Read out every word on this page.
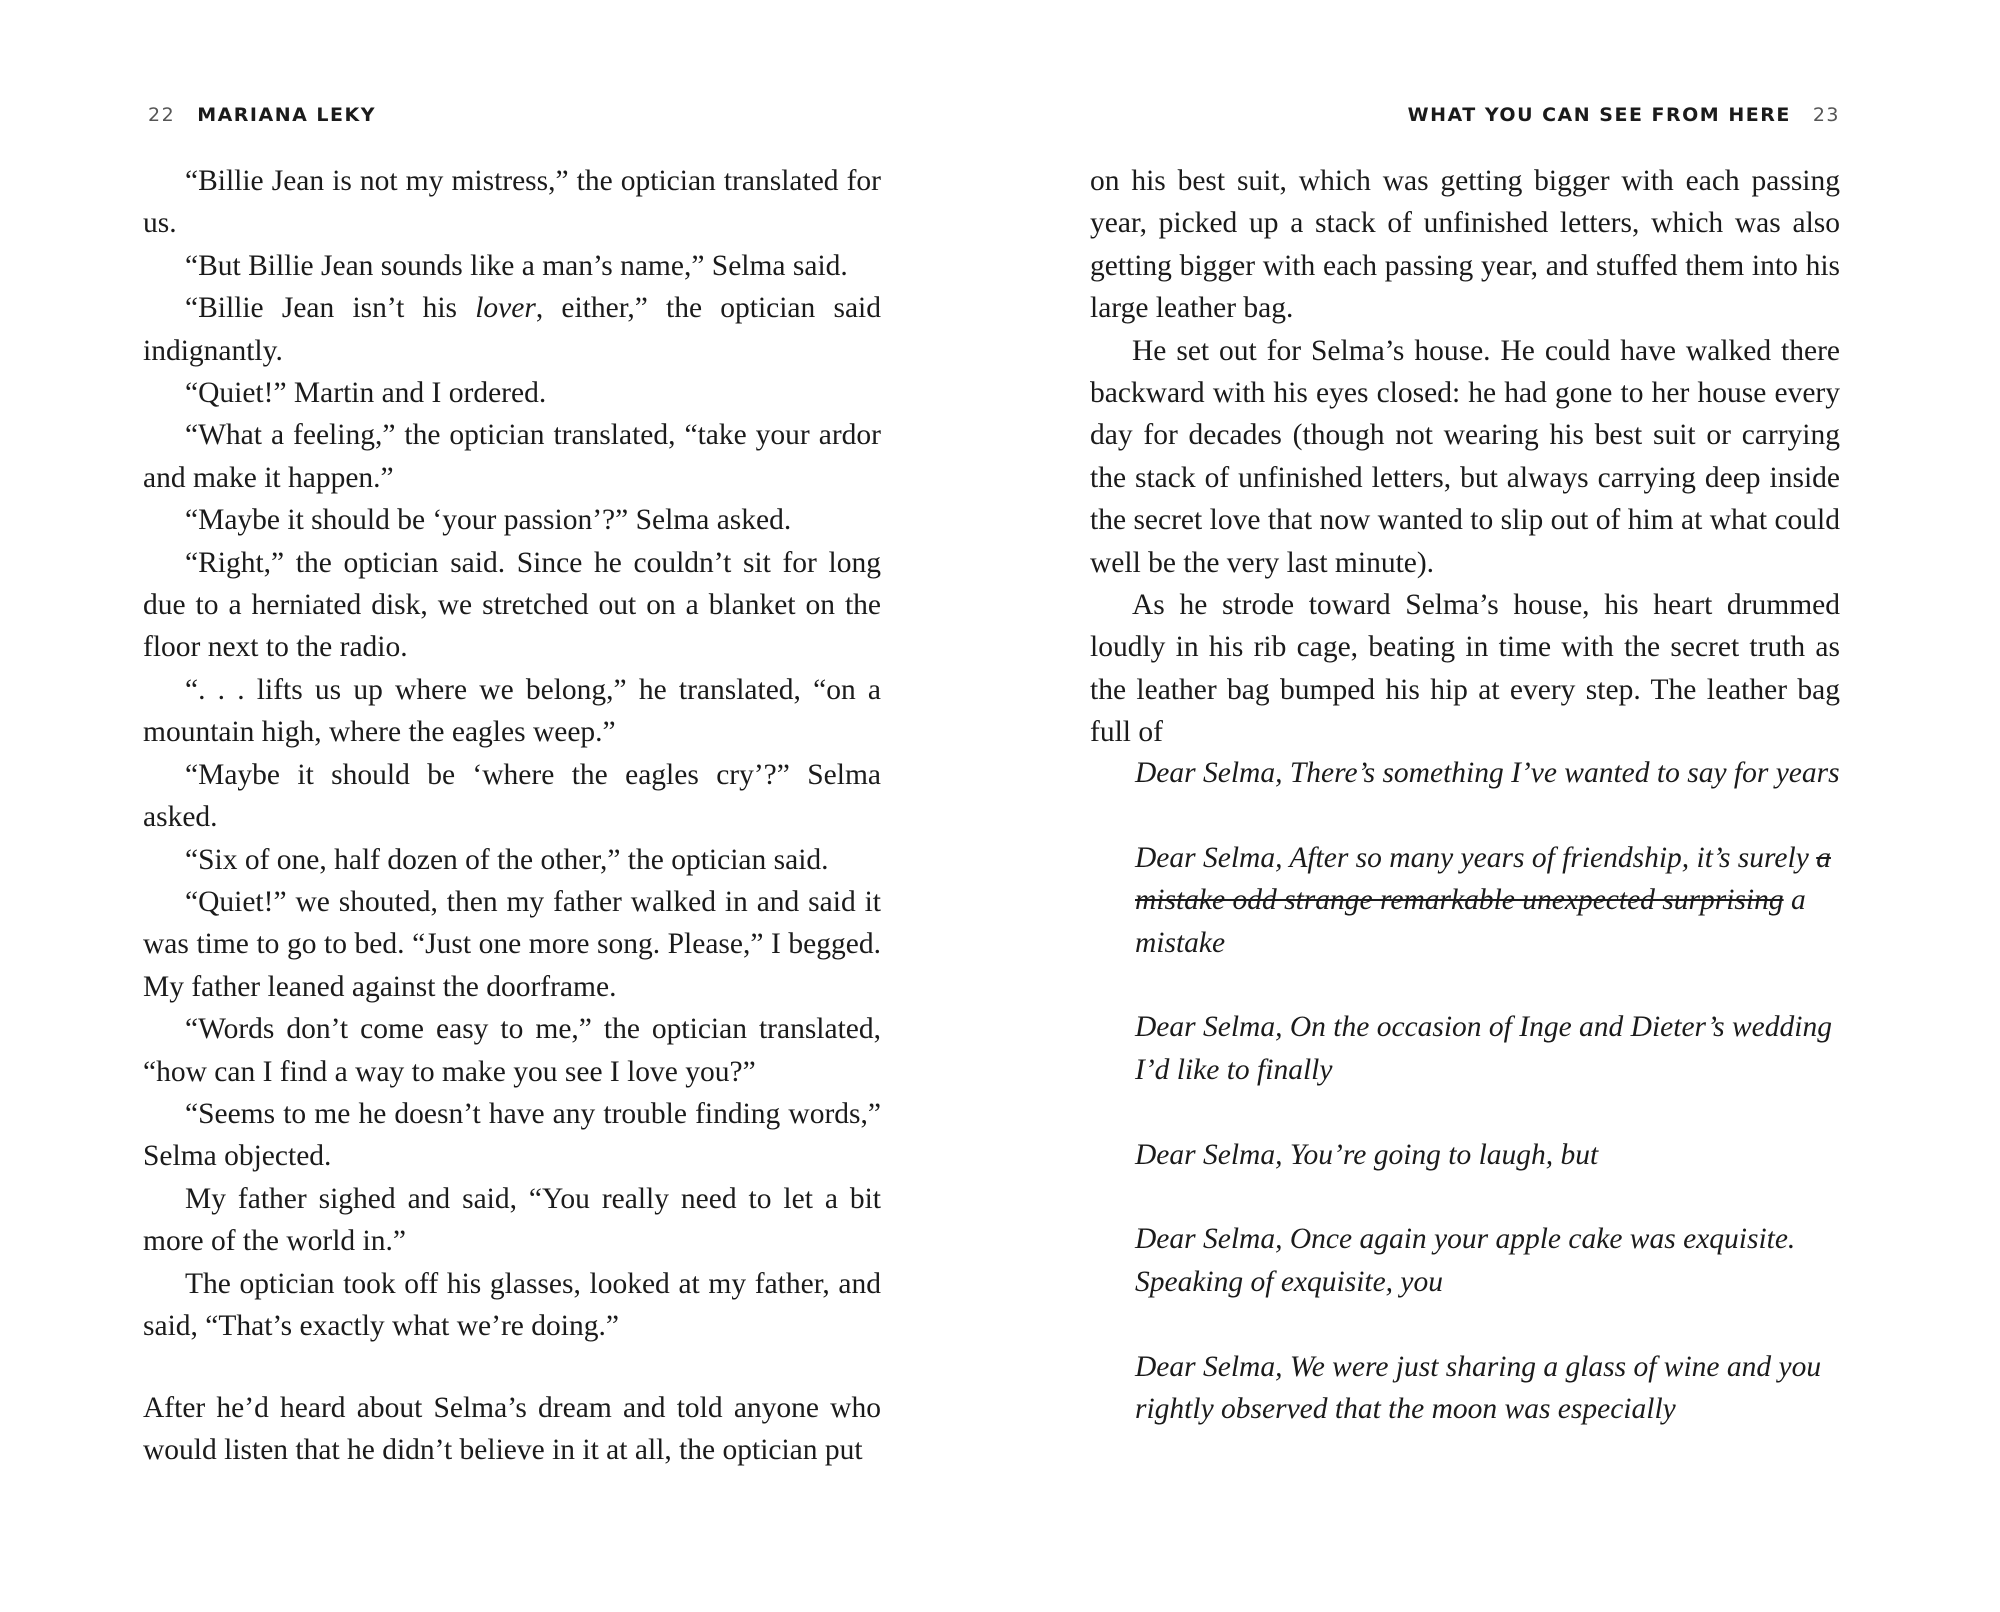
22 MARIANA LEKY

“Billie Jean is not my mistress,” the optician translated for us.

“But Billie Jean sounds like a man’s name,” Selma said.

“Billie Jean isn’t his lover, either,” the optician said indignantly.

“Quiet!” Martin and I ordered.

“What a feeling,” the optician translated, “take your ardor and make it happen.”

“Maybe it should be ‘your passion’?” Selma asked.

“Right,” the optician said. Since he couldn’t sit for long due to a herniated disk, we stretched out on a blanket on the floor next to the radio.

“. . . lifts us up where we belong,” he translated, “on a mountain high, where the eagles weep.”

“Maybe it should be ‘where the eagles cry’?” Selma asked.

“Six of one, half dozen of the other,” the optician said.

“Quiet!” we shouted, then my father walked in and said it was time to go to bed. “Just one more song. Please,” I begged. My father leaned against the doorframe.

“Words don’t come easy to me,” the optician translated, “how can I find a way to make you see I love you?”

“Seems to me he doesn’t have any trouble finding words,” Selma objected.

My father sighed and said, “You really need to let a bit more of the world in.”

The optician took off his glasses, looked at my father, and said, “That’s exactly what we’re doing.”

After he’d heard about Selma’s dream and told anyone who would listen that he didn’t believe in it at all, the optician put

WHAT YOU CAN SEE FROM HERE 23

on his best suit, which was getting bigger with each passing year, picked up a stack of unfinished letters, which was also getting bigger with each passing year, and stuffed them into his large leather bag.

He set out for Selma’s house. He could have walked there backward with his eyes closed: he had gone to her house every day for decades (though not wearing his best suit or carrying the stack of unfinished letters, but always carrying deep inside the secret love that now wanted to slip out of him at what could well be the very last minute).

As he strode toward Selma’s house, his heart drummed loudly in his rib cage, beating in time with the secret truth as the leather bag bumped his hip at every step. The leather bag full of

Dear Selma, There’s something I’ve wanted to say for years

Dear Selma, After so many years of friendship, it’s surely a mistake odd strange remarkable unexpected surprising a mistake

Dear Selma, On the occasion of Inge and Dieter’s wedding I’d like to finally

Dear Selma, You’re going to laugh, but

Dear Selma, Once again your apple cake was exquisite. Speaking of exquisite, you

Dear Selma, We were just sharing a glass of wine and you rightly observed that the moon was especially
